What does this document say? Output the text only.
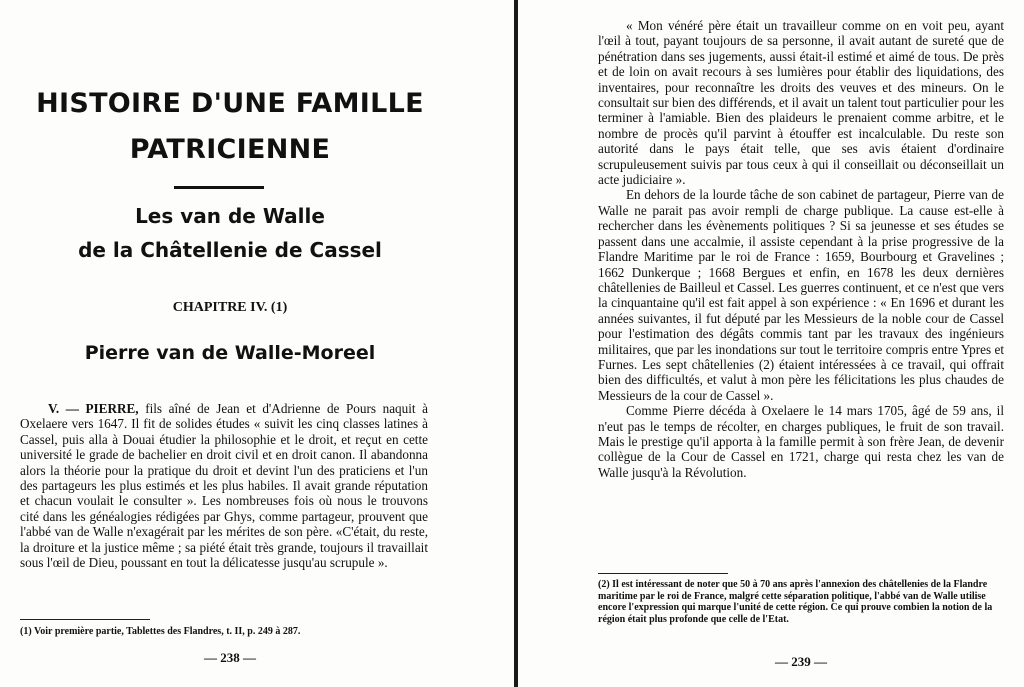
HISTOIRE D'UNE FAMILLE
PATRICIENNE
Les van de Walle
de la Châtellenie de Cassel
CHAPITRE IV. (1)
Pierre van de Walle-Moreel

V. — PIERRE, fils aîné de Jean et d'Adrienne de Pours naquit à Oxelaere vers 1647. Il fit de solides études « suivit les cinq classes latines à Cassel, puis alla à Douai étudier la philosophie et le droit, et reçut en cette université le grade de bachelier en droit civil et en droit canon. Il abandonna alors la théorie pour la pratique du droit et devint l'un des praticiens et l'un des partageurs les plus estimés et les plus habiles. Il avait grande réputation et chacun voulait le consulter ». Les nombreuses fois où nous le trouvons cité dans les généalogies rédigées par Ghys, comme partageur, prouvent que l'abbé van de Walle n'exagérait par les mérites de son père. «C'était, du reste, la droiture et la justice même ; sa piété était très grande, toujours il travaillait sous l'œil de Dieu, poussant en tout la délicatesse jusqu'au scrupule ».

(1) Voir première partie, Tablettes des Flandres, t. II, p. 249 à 287.

— 238 —

« Mon vénéré père était un travailleur comme on en voit peu, ayant l'œil à tout, payant toujours de sa personne, il avait autant de sureté que de pénétration dans ses jugements, aussi était-il estimé et aimé de tous. De près et de loin on avait recours à ses lumières pour établir des liquidations, des inventaires, pour reconnaître les droits des veuves et des mineurs. On le consultait sur bien des différends, et il avait un talent tout particulier pour les terminer à l'amiable. Bien des plaideurs le prenaient comme arbitre, et le nombre de procès qu'il parvint à étouffer est incalculable. Du reste son autorité dans le pays était telle, que ses avis étaient d'ordinaire scrupuleusement suivis par tous ceux à qui il conseillait ou déconseillait un acte judiciaire ».

En dehors de la lourde tâche de son cabinet de partageur, Pierre van de Walle ne parait pas avoir rempli de charge publique. La cause est-elle à rechercher dans les évènements politiques ? Si sa jeunesse et ses études se passent dans une accalmie, il assiste cependant à la prise progressive de la Flandre Maritime par le roi de France : 1659, Bourbourg et Gravelines ; 1662 Dunkerque ; 1668 Bergues et enfin, en 1678 les deux dernières châtellenies de Bailleul et Cassel. Les guerres continuent, et ce n'est que vers la cinquantaine qu'il est fait appel à son expérience : « En 1696 et durant les années suivantes, il fut député par les Messieurs de la noble cour de Cassel pour l'estimation des dégâts commis tant par les travaux des ingénieurs militaires, que par les inondations sur tout le territoire compris entre Ypres et Furnes. Les sept châtellenies (2) étaient intéressées à ce travail, qui offrait bien des difficultés, et valut à mon père les félicitations les plus chaudes de Messieurs de la cour de Cassel ».

Comme Pierre décéda à Oxelaere le 14 mars 1705, âgé de 59 ans, il n'eut pas le temps de récolter, en charges publiques, le fruit de son travail. Mais le prestige qu'il apporta à la famille permit à son frère Jean, de devenir collègue de la Cour de Cassel en 1721, charge qui resta chez les van de Walle jusqu'à la Révolution.

(2) Il est intéressant de noter que 50 à 70 ans après l'annexion des châtellenies de la Flandre maritime par le roi de France, malgré cette séparation politique, l'abbé van de Walle utilise encore l'expression qui marque l'unité de cette région. Ce qui prouve combien la notion de la région était plus profonde que celle de l'Etat.

— 239 —
